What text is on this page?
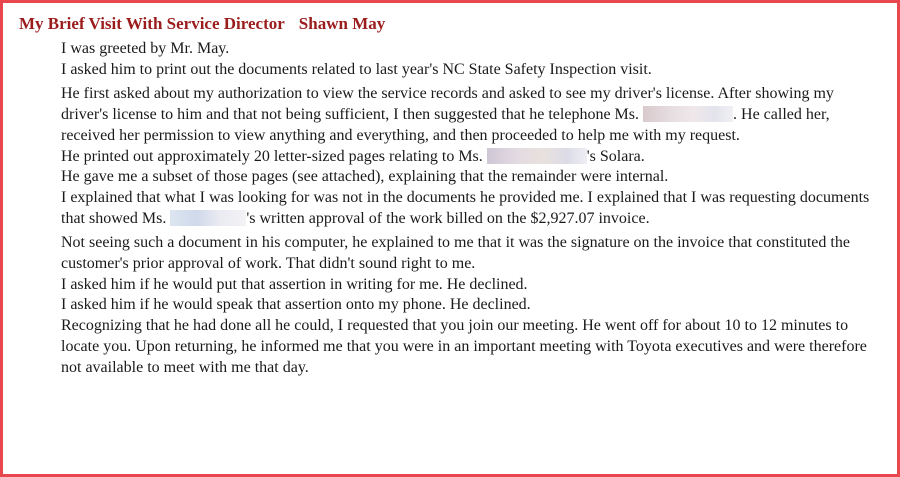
My Brief Visit With Service Director Shawn May

I was greeted by Mr. May.

I asked him to print out the documents related to last year's NC State Safety Inspection visit.

He first asked about my authorization to view the service records and asked to see my driver's license. After showing my driver's license to him and that not being sufficient, I then suggested that he telephone Ms.	. He called her, received her permission to view anything and everything, and then proceeded to help me with my request.

He printed out approximately 20 letter-sized pages relating to Ms.	's Solara.

He gave me a subset of those pages (see attached), explaining that the remainder were internal.

I explained that what I was looking for was not in the documents he provided me. I explained that I was requesting documents that showed Ms.	's written approval of the work billed on the $2,927.07 invoice.

Not seeing such a document in his computer, he explained to me that it was the signature on the invoice that constituted the customer's prior approval of work. That didn't sound right to me.

I asked him if he would put that assertion in writing for me. He declined.

I asked him if he would speak that assertion onto my phone. He declined.

Recognizing that he had done all he could, I requested that you join our meeting. He went off for about 10 to 12 minutes to locate you. Upon returning, he informed me that you were in an important meeting with Toyota executives and were therefore not available to meet with me that day.
